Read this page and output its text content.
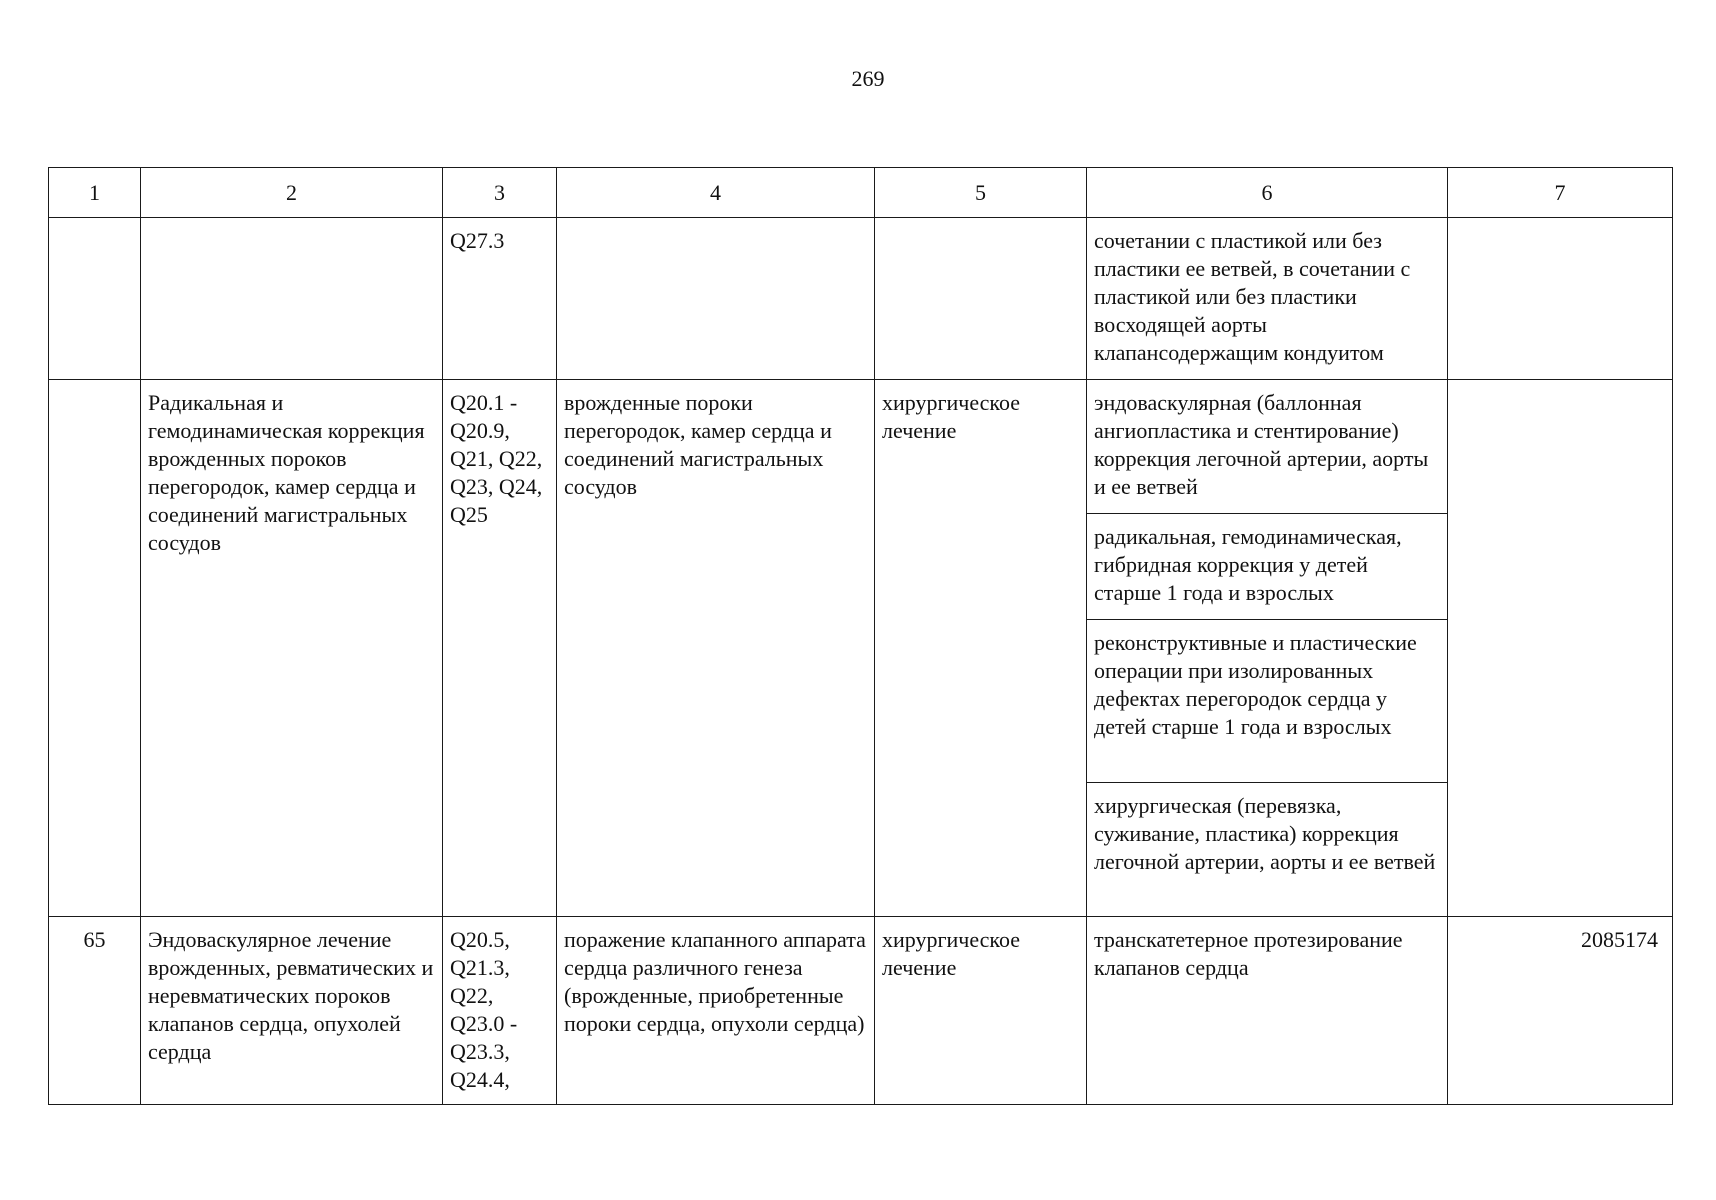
269
1	2	3	4	5	6	7
		Q27.3			сочетании с пластикой или без пластики ее ветвей, в сочетании с пластикой или без пластики восходящей аорты клапансодержащим кондуитом	
	Радикальная и гемодинамическая коррекция врожденных пороков перегородок, камер сердца и соединений магистральных сосудов	Q20.1 - Q20.9, Q21, Q22, Q23, Q24, Q25	врожденные пороки перегородок, камер сердца и соединений магистральных сосудов	хирургическое лечение	эндоваскулярная (баллонная ангиопластика и стентирование) коррекция легочной артерии, аорты и ее ветвей	
					радикальная, гемодинамическая, гибридная коррекция у детей старше 1 года и взрослых	
					реконструктивные и пластические операции при изолированных дефектах перегородок сердца у детей старше 1 года и взрослых	
					хирургическая (перевязка, суживание, пластика) коррекция легочной артерии, аорты и ее ветвей	
65	Эндоваскулярное лечение врожденных, ревматических и неревматических пороков клапанов сердца, опухолей сердца	Q20.5, Q21.3, Q22, Q23.0 - Q23.3, Q24.4,	поражение клапанного аппарата сердца различного генеза (врожденные, приобретенные пороки сердца, опухоли сердца)	хирургическое лечение	транскатетерное протезирование клапанов сердца	2085174
